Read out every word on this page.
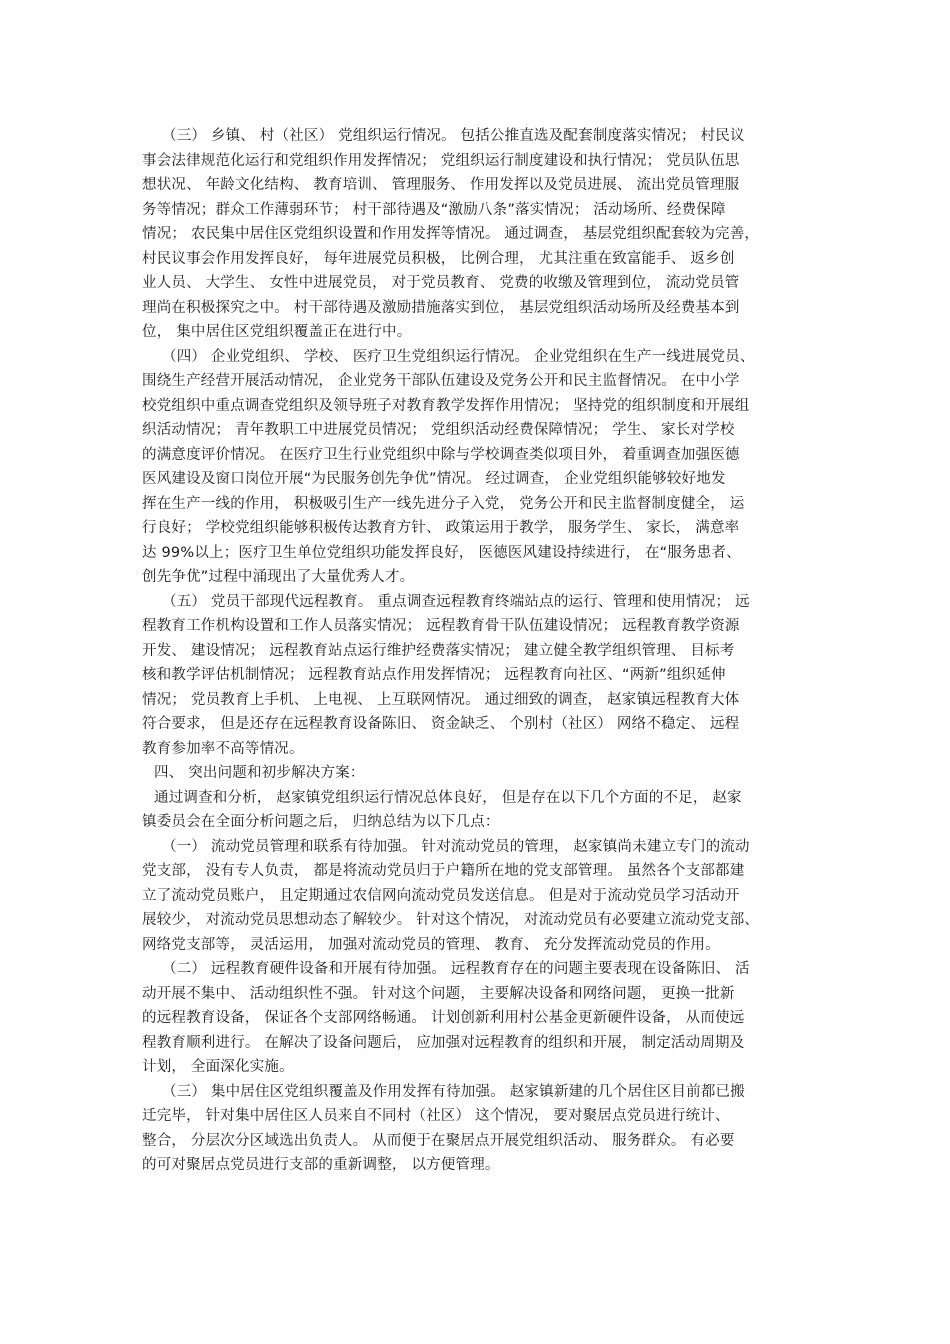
（三） 乡镇、 村（社区） 党组织运行情况。 包括公推直选及配套制度落实情况； 村民议
事会法律规范化运行和党组织作用发挥情况； 党组织运行制度建设和执行情况； 党员队伍思
想状况、 年龄文化结构、 教育培训、 管理服务、 作用发挥以及党员进展、 流出党员管理服
务等情况；群众工作薄弱环节； 村干部待遇及“激励八条”落实情况； 活动场所、经费保障
情况； 农民集中居住区党组织设置和作用发挥等情况。 通过调查， 基层党组织配套较为完善，
村民议事会作用发挥良好， 每年进展党员积极， 比例合理， 尤其注重在致富能手、 返乡创
业人员、 大学生、 女性中进展党员， 对于党员教育、 党费的收缴及管理到位， 流动党员管
理尚在积极探究之中。 村干部待遇及激励措施落实到位， 基层党组织活动场所及经费基本到
位， 集中居住区党组织覆盖正在进行中。
（四） 企业党组织、 学校、 医疗卫生党组织运行情况。 企业党组织在生产一线进展党员、
围绕生产经营开展活动情况， 企业党务干部队伍建设及党务公开和民主监督情况。 在中小学
校党组织中重点调查党组织及领导班子对教育教学发挥作用情况； 坚持党的组织制度和开展组
织活动情况； 青年教职工中进展党员情况； 党组织活动经费保障情况； 学生、 家长对学校
的满意度评价情况。 在医疗卫生行业党组织中除与学校调查类似项目外， 着重调查加强医德
医风建设及窗口岗位开展“为民服务创先争优”情况。 经过调查， 企业党组织能够较好地发
挥在生产一线的作用， 积极吸引生产一线先进分子入党， 党务公开和民主监督制度健全， 运
行良好； 学校党组织能够积极传达教育方针、 政策运用于教学， 服务学生、 家长， 满意率
达 99%以上；医疗卫生单位党组织功能发挥良好， 医德医风建设持续进行， 在“服务患者、
创先争优”过程中涌现出了大量优秀人才。
（五） 党员干部现代远程教育。 重点调查远程教育终端站点的运行、管理和使用情况； 远
程教育工作机构设置和工作人员落实情况； 远程教育骨干队伍建设情况； 远程教育教学资源
开发、 建设情况； 远程教育站点运行维护经费落实情况； 建立健全教学组织管理、 目标考
核和教学评估机制情况； 远程教育站点作用发挥情况； 远程教育向社区、“两新”组织延伸
情况； 党员教育上手机、 上电视、 上互联网情况。 通过细致的调查， 赵家镇远程教育大体
符合要求， 但是还存在远程教育设备陈旧、 资金缺乏、 个别村（社区） 网络不稳定、 远程
教育参加率不高等情况。
四、 突出问题和初步解决方案：
通过调查和分析， 赵家镇党组织运行情况总体良好， 但是存在以下几个方面的不足， 赵家
镇委员会在全面分析问题之后， 归纳总结为以下几点：
（一） 流动党员管理和联系有待加强。 针对流动党员的管理， 赵家镇尚未建立专门的流动
党支部， 没有专人负责， 都是将流动党员归于户籍所在地的党支部管理。 虽然各个支部都建
立了流动党员账户， 且定期通过农信网向流动党员发送信息。 但是对于流动党员学习活动开
展较少， 对流动党员思想动态了解较少。 针对这个情况， 对流动党员有必要建立流动党支部、
网络党支部等， 灵活运用， 加强对流动党员的管理、 教育、 充分发挥流动党员的作用。
（二） 远程教育硬件设备和开展有待加强。 远程教育存在的问题主要表现在设备陈旧、 活
动开展不集中、 活动组织性不强。 针对这个问题， 主要解决设备和网络问题， 更换一批新
的远程教育设备， 保证各个支部网络畅通。 计划创新利用村公基金更新硬件设备， 从而使远
程教育顺利进行。 在解决了设备问题后， 应加强对远程教育的组织和开展， 制定活动周期及
计划， 全面深化实施。
（三） 集中居住区党组织覆盖及作用发挥有待加强。 赵家镇新建的几个居住区目前都已搬
迁完毕， 针对集中居住区人员来自不同村（社区） 这个情况， 要对聚居点党员进行统计、
整合， 分层次分区域选出负责人。 从而便于在聚居点开展党组织活动、 服务群众。 有必要
的可对聚居点党员进行支部的重新调整， 以方便管理。
